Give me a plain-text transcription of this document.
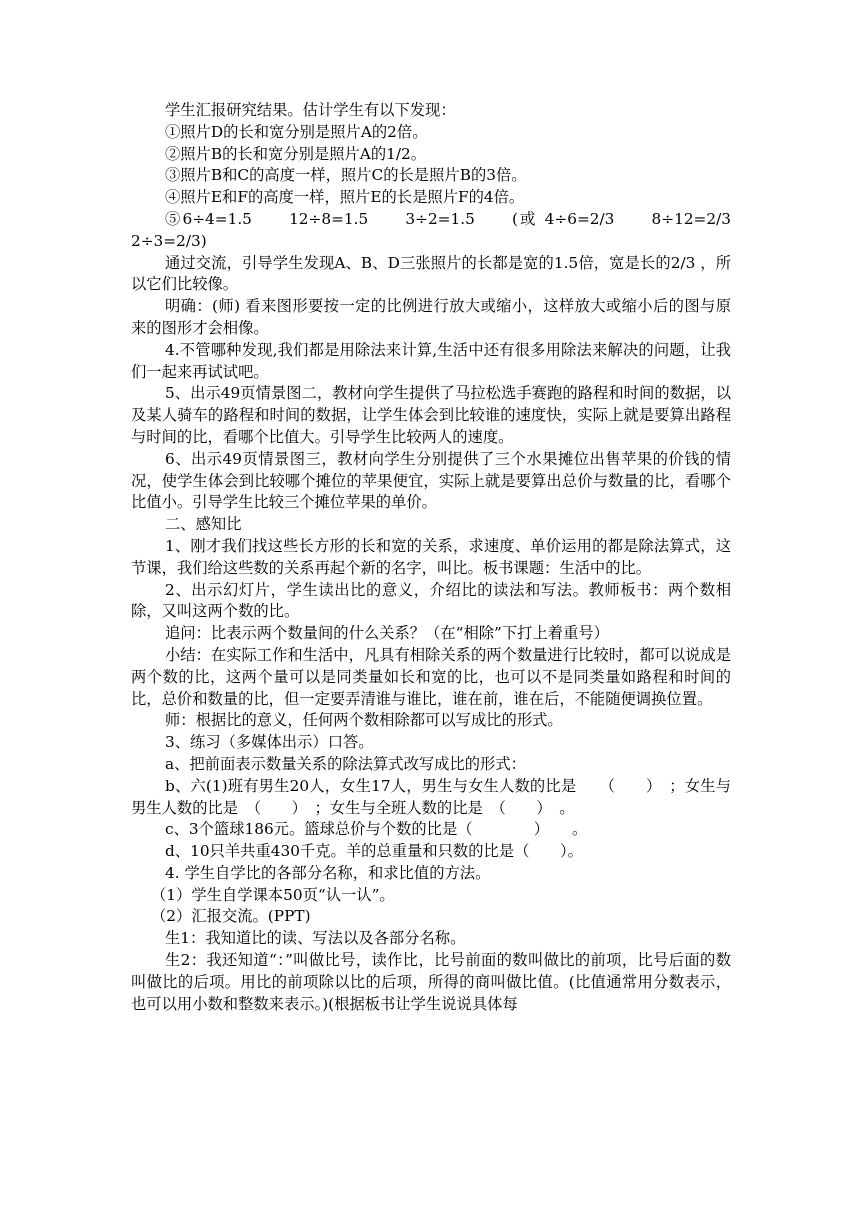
学生汇报研究结果。估计学生有以下发现：

①照片D的长和宽分别是照片A的2倍。

②照片B的长和宽分别是照片A的1/2。

③照片B和C的高度一样，照片C的长是照片B的3倍。

④照片E和F的高度一样，照片E的长是照片F的4倍。

⑤6÷4=1.5　　12÷8=1.5　　3÷2=1.5　　(或 4÷6=2/3　　8÷12=2/3　　2÷3=2/3)

通过交流，引导学生发现A、B、D三张照片的长都是宽的1.5倍，宽是长的2/3 ，所以它们比较像。

明确：(师) 看来图形要按一定的比例进行放大或缩小，这样放大或缩小后的图与原来的图形才会相像。

4.不管哪种发现,我们都是用除法来计算,生活中还有很多用除法来解决的问题，让我们一起来再试试吧。

5、出示49页情景图二，教材向学生提供了马拉松选手赛跑的路程和时间的数据，以及某人骑车的路程和时间的数据，让学生体会到比较谁的速度快，实际上就是要算出路程与时间的比，看哪个比值大。引导学生比较两人的速度。

6、出示49页情景图三，教材向学生分别提供了三个水果摊位出售苹果的价钱的情况，使学生体会到比较哪个摊位的苹果便宜，实际上就是要算出总价与数量的比，看哪个比值小。引导学生比较三个摊位苹果的单价。

二、感知比

1、刚才我们找这些长方形的长和宽的关系，求速度、单价运用的都是除法算式，这节课，我们给这些数的关系再起个新的名字，叫比。板书课题：生活中的比。

2、出示幻灯片，学生读出比的意义，介绍比的读法和写法。教师板书：两个数相除，又叫这两个数的比。

追问：比表示两个数量间的什么关系？（在“相除”下打上着重号）

小结：在实际工作和生活中，凡具有相除关系的两个数量进行比较时，都可以说成是两个数的比，这两个量可以是同类量如长和宽的比，也可以不是同类量如路程和时间的比，总价和数量的比，但一定要弄清谁与谁比，谁在前，谁在后，不能随便调换位置。

师：根据比的意义，任何两个数相除都可以写成比的形式。

3、练习（多媒体出示）口答。

a、把前面表示数量关系的除法算式改写成比的形式：

b、六(1)班有男生20人，女生17人，男生与女生人数的比是　　（　　）　；女生与男生人数的比是　（　　）　；女生与全班人数的比是　（　　）　。

c、3个篮球186元。篮球总价与个数的比是（　　　　）　　。

d、10只羊共重430千克。羊的总重量和只数的比是（　　）。

4. 学生自学比的各部分名称，和求比值的方法。

（1）学生自学课本50页“认一认”。

（2）汇报交流。(PPT)

生1：我知道比的读、写法以及各部分名称。

生2：我还知道“：”叫做比号，读作比，比号前面的数叫做比的前项，比号后面的数叫做比的后项。用比的前项除以比的后项，所得的商叫做比值。(比值通常用分数表示，也可以用小数和整数来表示。)(根据板书让学生说说具体每
